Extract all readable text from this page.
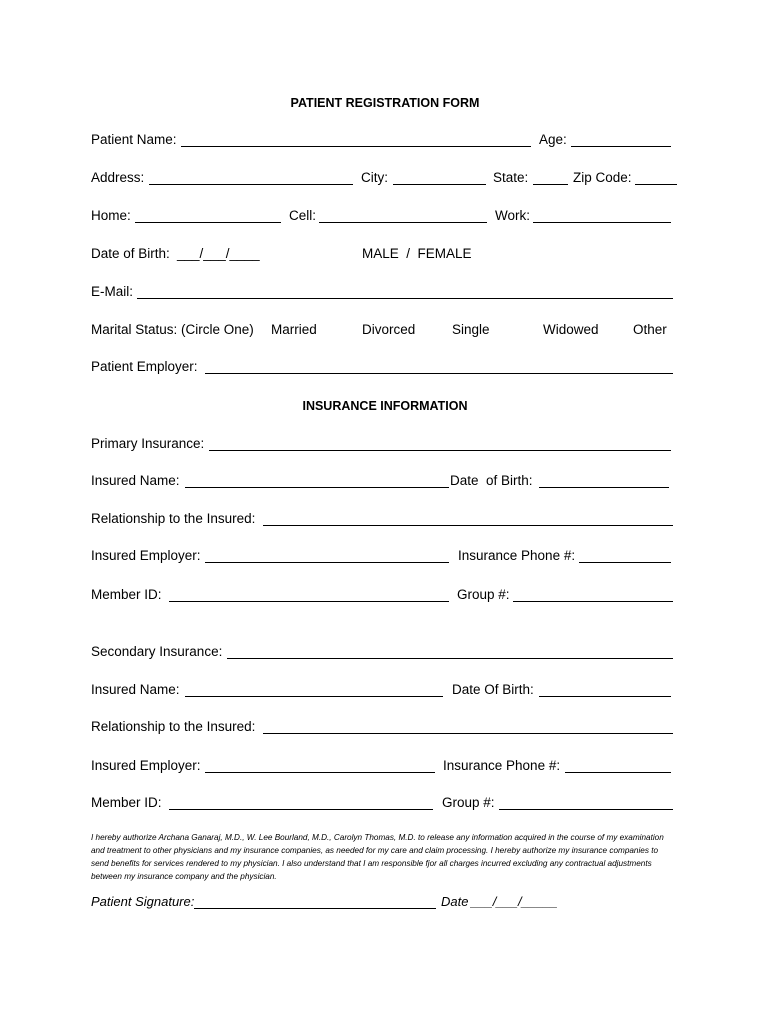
PATIENT REGISTRATION FORM
Patient Name:	Age:
Address:	City:	State:	Zip Code:
Home:	Cell:	Work:
Date of Birth: ___/___/____	MALE  /  FEMALE
E-Mail:
Marital Status: (Circle One) Married	Divorced	Single	Widowed	Other
Patient Employer:
INSURANCE INFORMATION
Primary Insurance:
Insured Name:	Date  of Birth:
Relationship to the Insured:
Insured Employer:	Insurance Phone #:
Member ID:	Group #:
Secondary Insurance:
Insured Name:	Date Of Birth:
Relationship to the Insured:
Insured Employer:	Insurance Phone #:
Member ID:	Group #:
I hereby authorize Archana Ganaraj, M.D., W. Lee Bourland, M.D., Carolyn Thomas, M.D. to release any information acquired in the course of my examination and treatment to other physicians and my insurance companies, as needed for my care and claim processing. I hereby authorize my insurance companies to send benefits for services rendered to my physician. I also understand that I am responsible fjor all charges incurred excluding any contractual adjustments between my insurance company and the physician.
Patient Signature:	Date ___/___/_____
